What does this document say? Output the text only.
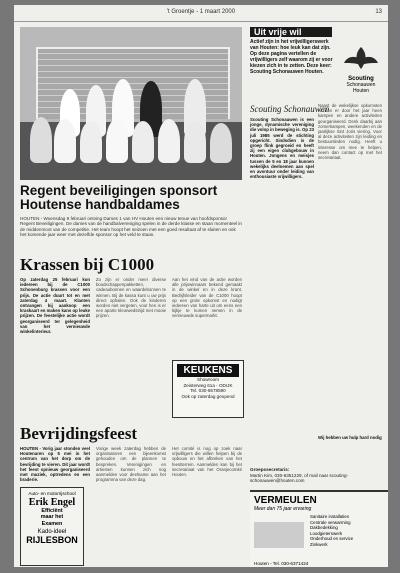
't Groentje - 1 maart 2000	13
Regent beveiligingen sponsort Houtense handbaldames
HOUTEN - Woensdag 9 februari ontving Dames 1 van HV Houten een nieuw tenue van hoofdsponsor Regent Beveiligingen. De dames van de handbalvereniging spelen in de derde klasse en staan momenteel in de middenmoot van de competitie. Het team hoopt het seizoen met een goed resultaat af te sluiten en ook het komende jaar weer met dezelfde sponsor op het veld te staan.
Krassen bij C1000
Op zaterdag 25 februari kon iedereen bij de C1000 Schonenburg krassen voor een prijs. De actie duurt tot en met zaterdag 4 maart. Klanten ontvangen bij aankoop een kraskaart en maken kans op leuke prijzen. De feestelijke actie wordt georganiseerd ter gelegenheid van het vernieuwde winkelinterieur.
Zo zijn er onder meer diverse boodschappenpakketten, cadeaubonnen en waardebonnen te winnen. Bij de kassa kunt u uw prijs direct ophalen. Ook de kinderen worden niet vergeten, voor hen is er een aparte kleurwedstrijd met mooie prijzen.
Aan het eind van de actie worden alle prijswinnaars bekend gemaakt in de winkel en in deze krant. Bedrijfsleider van de C1000 hoopt op een grote opkomst en nodigt iedereen van harte uit om eens een kijkje te komen nemen in de vernieuwde supermarkt.
KEUKENS
Showroom
Zeisterweg 61a - ODIJK
Tel. 030-6578590
Ook op zaterdag geopend
Bevrijdingsfeest
HOUTEN - Vorig jaar stonden veel Houtenaren op 5 mei in het centrum van het dorp om de bevrijding te vieren. Dit jaar wordt het feest opnieuw georganiseerd met muziek, optredens en een braderie.
Vorige week zaterdag hebben de organisatoren een bijeenkomst gehouden om de plannen te bespreken. Verenigingen en artiesten kunnen zich nog aanmelden voor deelname aan het programma van deze dag.
Het comité is nog op zoek naar vrijwilligers die willen helpen bij de opbouw en het afbreken van het feestterrein. Aanmelden kan bij het secretariaat van het Oranjecomité Houten.
Auto- en motorrijschool
Erik Engel
Efficiënt
maar het
Examen
Kado-ideel
RIJLESBON
Uit vrije wil
Actief zijn in het vrijwilligerswerk van Houten: hoe leuk kan dat zijn. Op deze pagina vertellen de vrijwilligers zelf waarom zij er voor kiezen zich in te zetten. Deze keer: Scouting Schonauwen Houten.
Scouting
Schonauwen
Houten
Scouting Schonauwen
Scouting Schonauwen is een jonge, dynamische vereniging die volop in beweging is. Op 23 juli 1985 werd de stichting opgericht. Sindsdien is de groep flink gegroeid en heeft zij een eigen clubgebouw in Houten. Jongens en meisjes tussen de 5 en 18 jaar kunnen wekelijks deelnemen aan spel en avontuur onder leiding van enthousiaste vrijwilligers.
Naast de wekelijkse opkomsten worden er door het jaar heen kampen en andere activiteiten georganiseerd. Denk daarbij aan zomerkampen, weekenden en de jaarlijkse Sint Joris viering. Voor al deze activiteiten zijn leiding en bestuursleden nodig. Heeft u interesse om mee te helpen, neem dan contact op met het secretariaat.
Wij hebben uw hulp hard nodig
Groepssecretaris:
Martin Kim, 030-6351229, of mail naar scouting-schonauwen@houten.com
VERMEULEN
Meer dan 75 jaar ervaring
Sanitaire installaties
Centrale verwarming
Dakbedekking
Loodgieterswerk
Onderhoud en service
Zinkwerk
Houten - Tel. 030-6371424
